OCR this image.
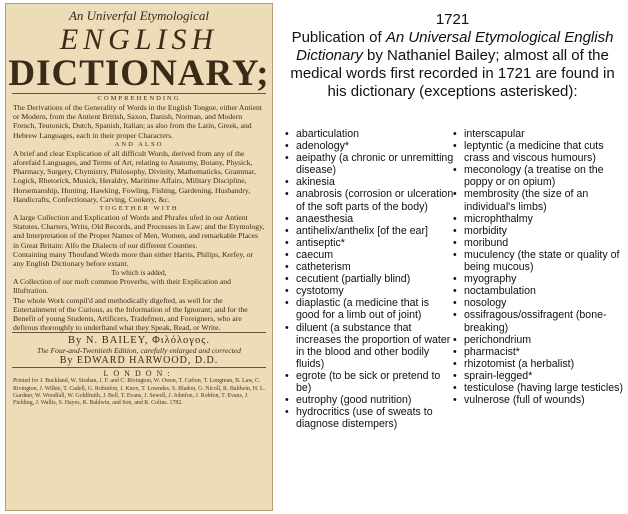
An Univerfal Etymological
ENGLISH
DICTIONARY;
COMPREHENDING
The Derivations of the Generality of Words in the English Tongue, either Antient or Modern, from the Antient British, Saxon, Danish, Norman, and Modern French, Teutonick, Dutch, Spanish, Italian; as also from the Latin, Greek, and Hebrew Languages, each in their proper Characters.
AND ALSO
A brief and clear Explication of all difficult Words, derived from any of the aforefaid Languages, and Terms of Art, relating to Anatomy, Botany, Physick, Pharmacy, Surgery, Chymistry, Philosophy, Divinity, Mathematicks, Grammar, Logick, Rhetorick, Musick, Heraldry, Maritime Affairs, Military Discipline, Horsemanship, Hunting, Hawking, Fowling, Fishing, Gardening, Husbandry, Handicrafts, Confectionary, Carving, Cookery, &c.
TOGETHER WITH
A large Collection and Explication of Words and Phrafes ufed in our Antient Statutes, Charters, Writs, Old Records, and Processes in Law; and the Etymology, and Interpretation of the Proper Names of Men, Women, and remarkable Places in Great Britain: Alfo the Dialects of our different Counties.
Containing many Thoufand Words more than either Harris, Philips, Kerfey, or any English Dictionary before extant.
To which is added,
A Collection of our moft common Proverbs, with their Explication and Illuftration.
The whole Work compil'd and methodically digefted, as well for the Entertainment of the Curious, as the Information of the Ignorant; and for the Benefit of young Students, Artificers, Tradefmen, and Foreigners, who are defirous thoroughly to underftand what they Speak, Read, or Write.
By N. BAILEY, Φιλόλογος.
The Four-and-Twentieth Edition, carefully enlarged and corrected
By EDWARD HARWOOD, D.D.
LONDON:
Printed for J. Buckland, W. Strahan, J. F. and C. Rivington, W. Owen, T. Cafion, T. Longman, B. Law, C. Rivington, J. Wilkie, T. Cadell, G. Robinfon, J. Knox, T. Lowndes, S. Bladon, G. Nicoll, R. Baldwin, H. L. Gardner, W. Woodfall, W. Goldfmith, J. Bell, T. Evans, J. Sewell, J. Johnfon, J. Robfon, T. Evans, J. Fielding, J. Wallis, S. Hayes, R. Baldwin, and Son, and R. Colins. 1782.
1721
Publication of An Universal Etymological English Dictionary by Nathaniel Bailey; almost all of the medical words first recorded in 1721 are found in his dictionary (exceptions asterisked):
• abarticulation
• adenology*
• aeipathy (a chronic or unremitting disease)
• akinesia
• anabrosis (corrosion or ulceration of the soft parts of the body)
• anaesthesia
• antihelix/anthelix [of the ear]
• antiseptic*
• caecum
• catheterism
• cecutient (partially blind)
• cystotomy
• diaplastic (a medicine that is good for a limb out of joint)
• diluent (a substance that increases the proportion of water in the blood and other bodily fluids)
• egrote (to be sick or pretend to be)
• eutrophy (good nutrition)
• hydrocritics (use of sweats to diagnose distempers)
• interscapular
• leptyntic (a medicine that cuts crass and viscous humours)
• meconology (a treatise on the poppy or on opium)
• membrosity (the size of an individual's limbs)
• microphthalmy
• morbidity
• moribund
• muculency (the state or quality of being mucous)
• myography
• noctambulation
• nosology
• ossifragous/ossifragent (bone-breaking)
• perichondrium
• pharmacist*
• rhizotomist (a herbalist)
• sprain-legged*
• testiculose (having large testicles)
• vulnerose (full of wounds)
